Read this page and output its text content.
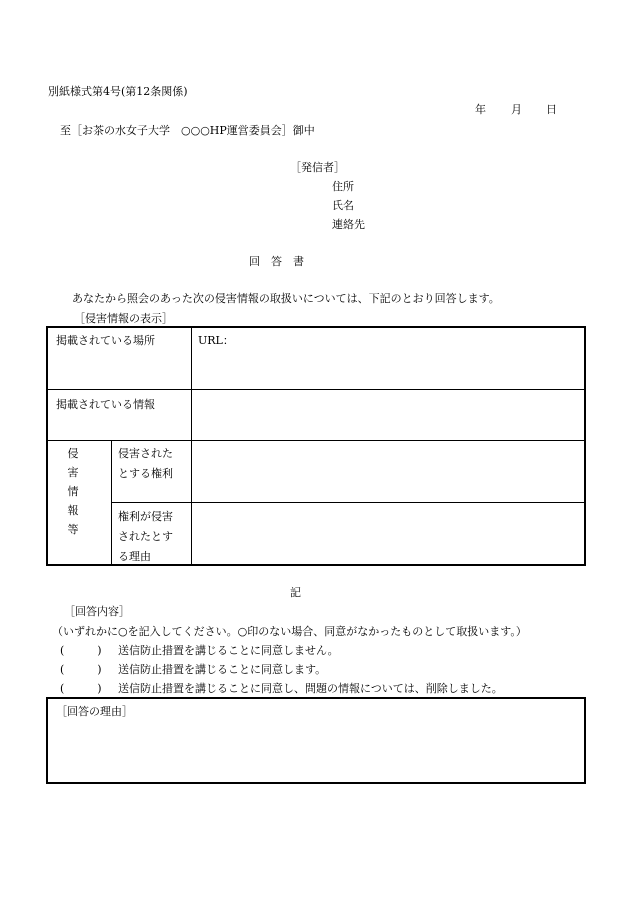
別紙様式第4号(第12条関係)
年 月 日
至［お茶の水女子大学　○○○HP運営委員会］御中
［発信者］
住所
氏名
連絡先
回　答　書
あなたから照会のあった次の侵害情報の取扱いについては、下記のとおり回答します。
［侵害情報の表示］
掲載されている場所	URL：
掲載されている情報
侵
害
情
報
等
侵害された
とする権利
権利が侵害
されたとす
る理由
記
［回答内容］
（いずれかに○を記入してください。○印のない場合、同意がなかったものとして取扱います。）
(　　　) 送信防止措置を講じることに同意しません。
(　　　) 送信防止措置を講じることに同意します。
(　　　) 送信防止措置を講じることに同意し、問題の情報については、削除しました。
［回答の理由］
